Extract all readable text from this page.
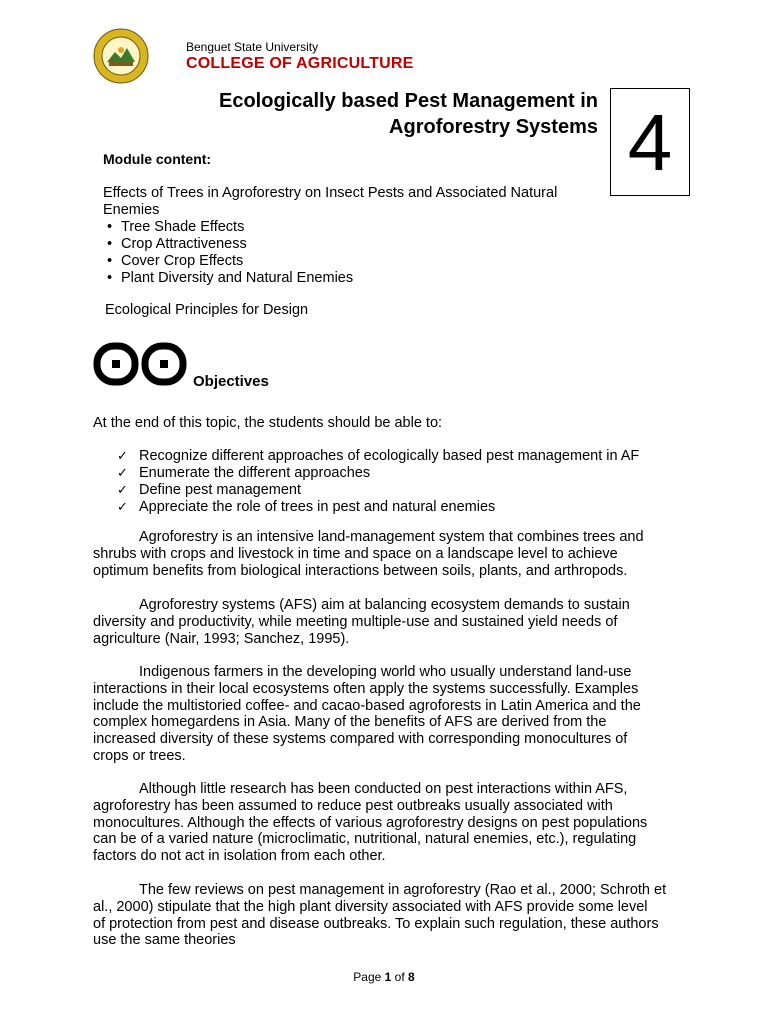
Benguet State University
COLLEGE OF AGRICULTURE
Ecologically based Pest Management in
Agroforestry Systems 4
Module content:
Effects of Trees in Agroforestry on Insect Pests and Associated Natural
Enemies
• Tree Shade Effects
• Crop Attractiveness
• Cover Crop Effects
• Plant Diversity and Natural Enemies
Ecological Principles for Design
Objectives
At the end of this topic, the students should be able to:
✓ Recognize different approaches of ecologically based pest management in AF
✓ Enumerate the different approaches
✓ Define pest management
✓ Appreciate the role of trees in pest and natural enemies
Agroforestry is an intensive land-management system that combines trees and
shrubs with crops and livestock in time and space on a landscape level to achieve
optimum benefits from biological interactions between soils, plants, and arthropods.
Agroforestry systems (AFS) aim at balancing ecosystem demands to sustain
diversity and productivity, while meeting multiple-use and sustained yield needs of
agriculture (Nair, 1993; Sanchez, 1995).
Indigenous farmers in the developing world who usually understand land-use
interactions in their local ecosystems often apply the systems successfully. Examples
include the multistoried coffee- and cacao-based agroforests in Latin America and the
complex homegardens in Asia. Many of the benefits of AFS are derived from the
increased diversity of these systems compared with corresponding monocultures of
crops or trees.
Although little research has been conducted on pest interactions within AFS,
agroforestry has been assumed to reduce pest outbreaks usually associated with
monocultures. Although the effects of various agroforestry designs on pest populations
can be of a varied nature (microclimatic, nutritional, natural enemies, etc.), regulating
factors do not act in isolation from each other.
The few reviews on pest management in agroforestry (Rao et al., 2000; Schroth et
al., 2000) stipulate that the high plant diversity associated with AFS provide some level
of protection from pest and disease outbreaks. To explain such regulation, these authors
use the same theories
Page 1 of 8
